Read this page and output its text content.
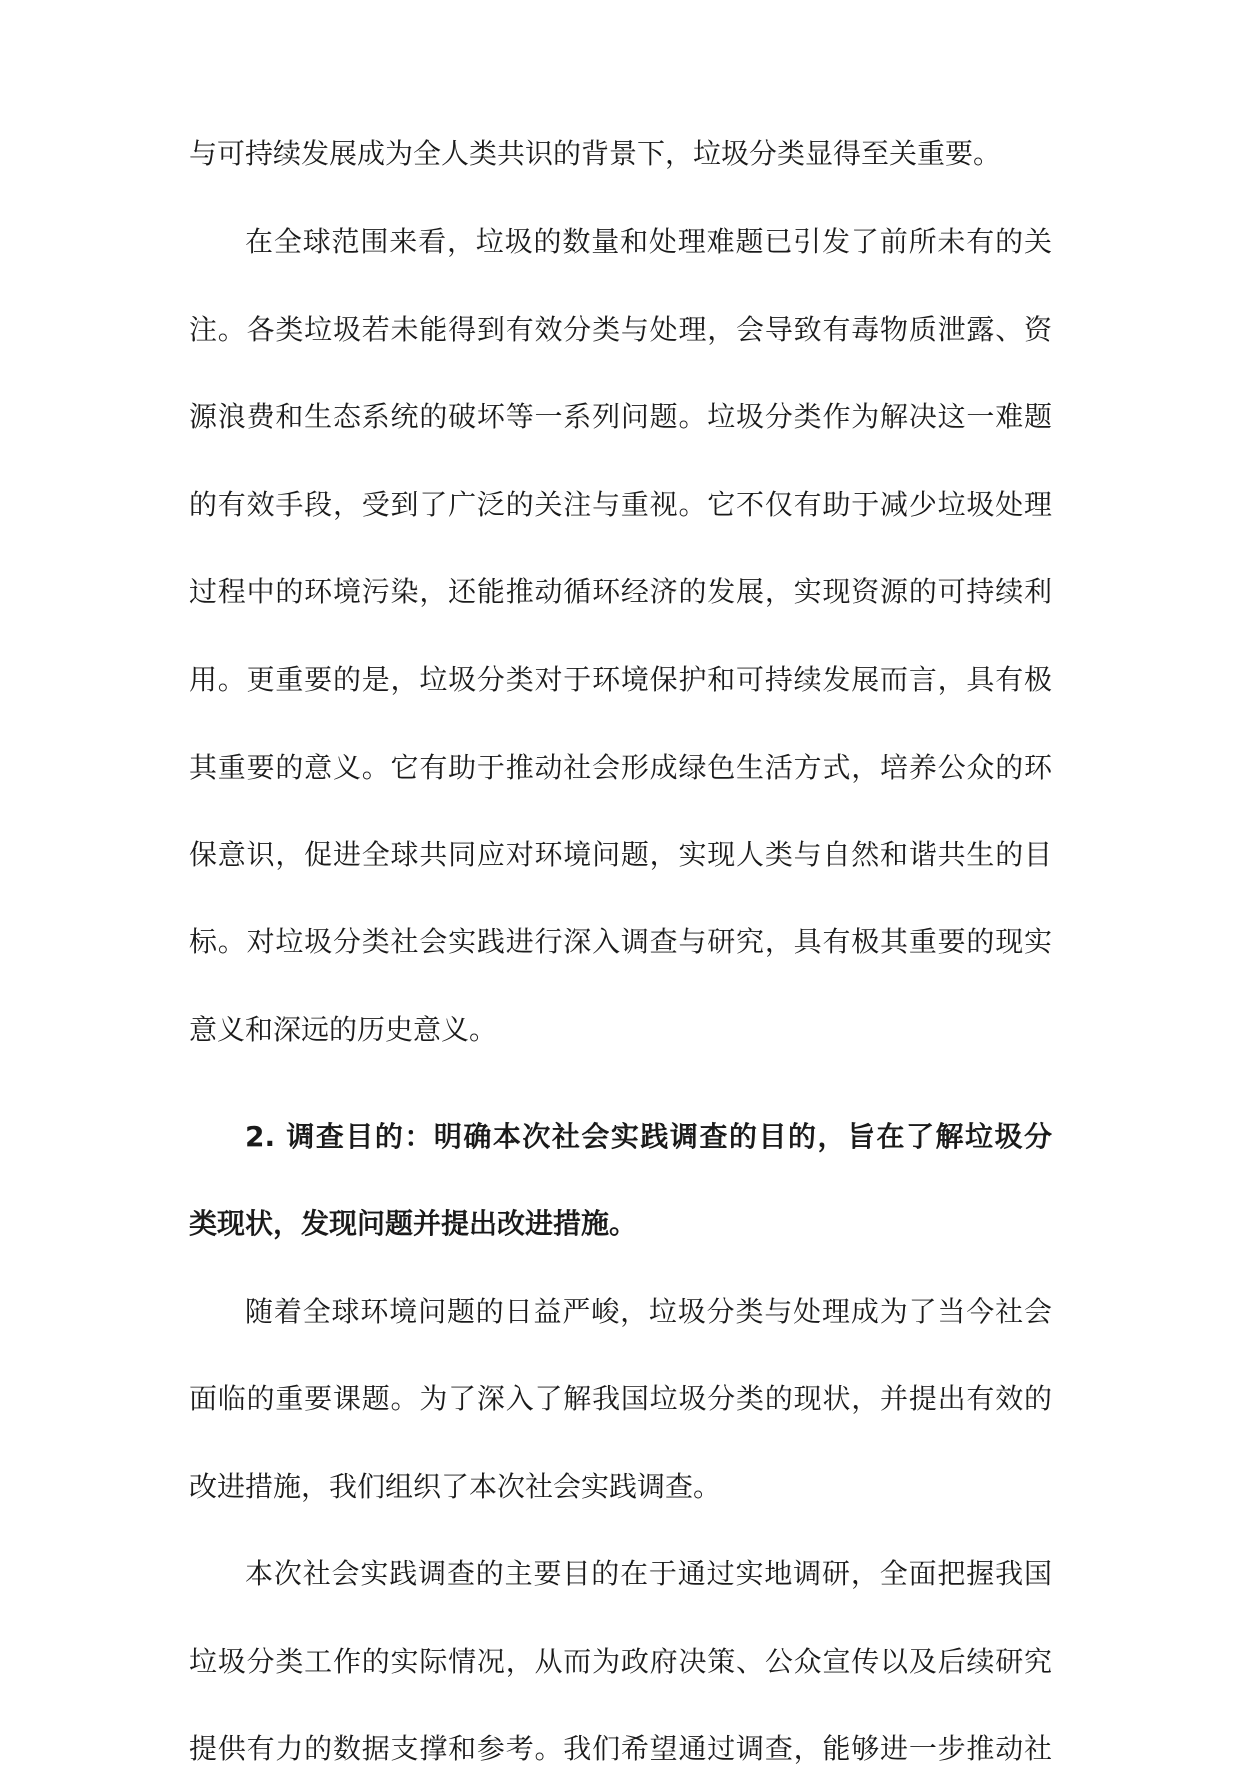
与可持续发展成为全人类共识的背景下，垃圾分类显得至关重要。
在全球范围来看，垃圾的数量和处理难题已引发了前所未有的关
注。各类垃圾若未能得到有效分类与处理，会导致有毒物质泄露、资
源浪费和生态系统的破坏等一系列问题。垃圾分类作为解决这一难题
的有效手段，受到了广泛的关注与重视。它不仅有助于减少垃圾处理
过程中的环境污染，还能推动循环经济的发展，实现资源的可持续利
用。更重要的是，垃圾分类对于环境保护和可持续发展而言，具有极
其重要的意义。它有助于推动社会形成绿色生活方式，培养公众的环
保意识，促进全球共同应对环境问题，实现人类与自然和谐共生的目
标。对垃圾分类社会实践进行深入调查与研究，具有极其重要的现实
意义和深远的历史意义。
2. 调查目的：明确本次社会实践调查的目的，旨在了解垃圾分
类现状，发现问题并提出改进措施。
随着全球环境问题的日益严峻，垃圾分类与处理成为了当今社会
面临的重要课题。为了深入了解我国垃圾分类的现状，并提出有效的
改进措施，我们组织了本次社会实践调查。
本次社会实践调查的主要目的在于通过实地调研，全面把握我国
垃圾分类工作的实际情况，从而为政府决策、公众宣传以及后续研究
提供有力的数据支撑和参考。我们希望通过调查，能够进一步推动社
